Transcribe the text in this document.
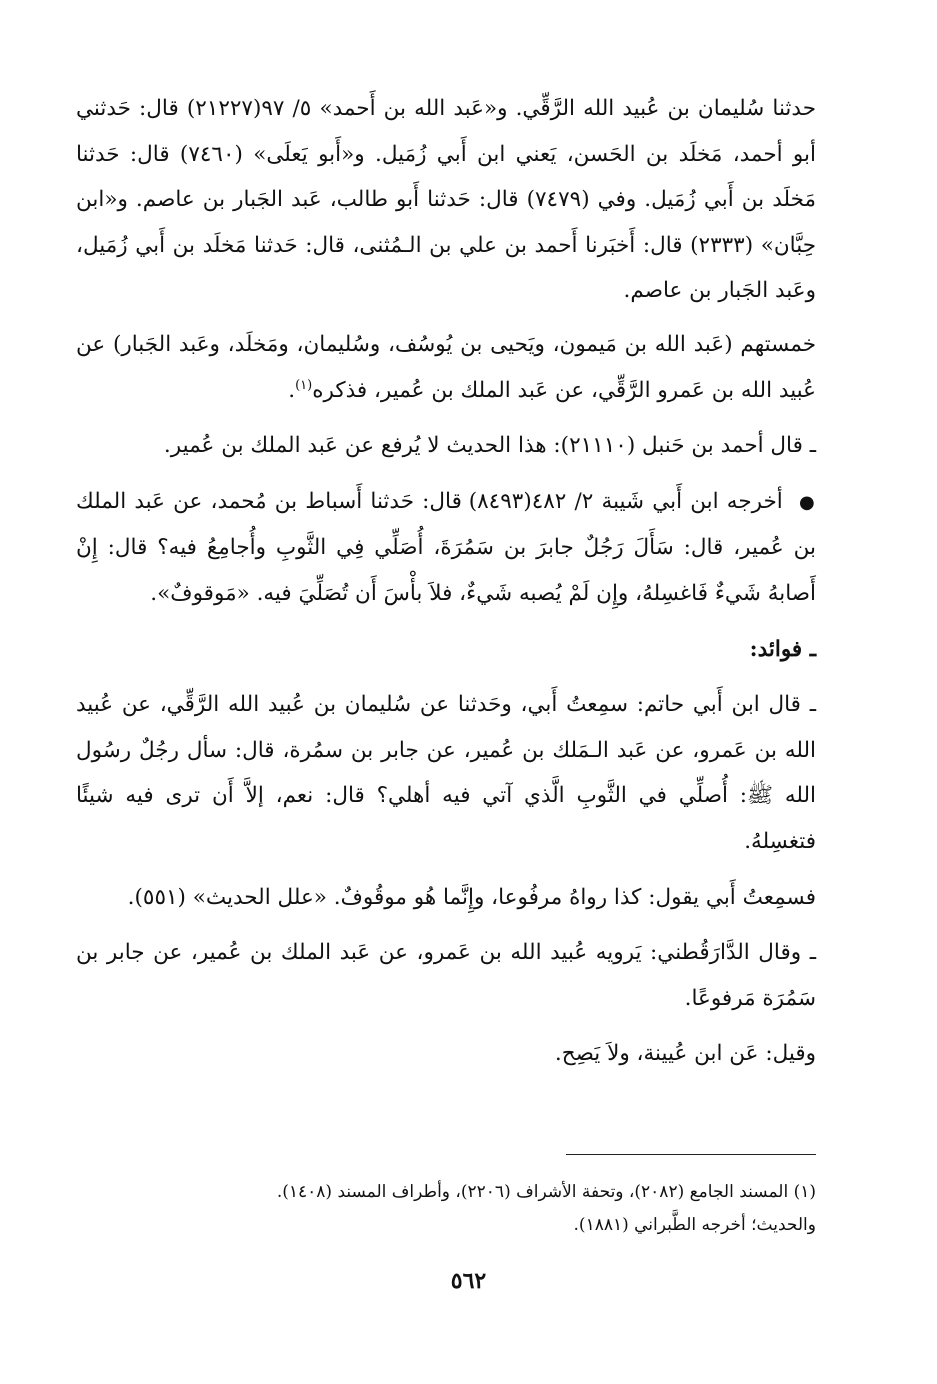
حدثنا سُليمان بن عُبيد الله الرَّقِّي. و«عَبد الله بن أَحمد» ٥/ ٩٧(٢١٢٢٧) قال: حَدثني أبو أحمد، مَخلَد بن الحَسن، يَعني ابن أَبي زُمَيل. و«أَبو يَعلَى» (٧٤٦٠) قال: حَدثنا مَخلَد بن أَبي زُمَيل. وفي (٧٤٧٩) قال: حَدثنا أَبو طالب، عَبد الجَبار بن عاصم. و«ابن حِبَّان» (٢٣٣٣) قال: أَخبَرنا أَحمد بن علي بن الـمُثنى، قال: حَدثنا مَخلَد بن أَبي زُمَيل، وعَبد الجَبار بن عاصم.

خمستهم (عَبد الله بن مَيمون، ويَحيى بن يُوسُف، وسُليمان، ومَخلَد، وعَبد الجَبار) عن عُبيد الله بن عَمرو الرَّقِّي، عن عَبد الملك بن عُمير، فذكره$^{(١)}$.

ـ قال أحمد بن حَنبل (٢١١١٠): هذا الحديث لا يُرفع عن عَبد الملك بن عُمير.

● أخرجه ابن أَبي شَيبة ٢/ ٤٨٢(٨٤٩٣) قال: حَدثنا أَسباط بن مُحمد، عن عَبد الملك بن عُمير، قال: سَأَلَ رَجُلٌ جابرَ بن سَمُرَةَ، أُصَلِّي فِي الثَّوبِ وأُجامِعُ فيه؟ قال: إِنْ أَصابهُ شَيءٌ فَاغسِلهُ، وإِن لَمْ يُصبه شَيءٌ، فلاَ بأْسَ أَن تُصَلِّيَ فيه. «مَوقوفٌ».

ـ فوائد:

ـ قال ابن أَبي حاتم: سمِعتُ أَبي، وحَدثنا عن سُليمان بن عُبيد الله الرَّقِّي، عن عُبيد الله بن عَمرو، عن عَبد الـمَلك بن عُمير، عن جابر بن سمُرة، قال: سأل رجُلٌ رسُول الله ﷺ: أُصلِّي في الثَّوبِ الَّذي آتي فيه أهلي؟ قال: نعم، إلاَّ أَن ترى فيه شيئًا فتغسِلهُ.

فسمِعتُ أَبي يقول: كذا رواهُ مرفُوعا، وإِنَّما هُو موقُوفٌ. «علل الحديث» (٥٥١).

ـ وقال الدَّارَقُطني: يَرويه عُبيد الله بن عَمرو، عن عَبد الملك بن عُمير، عن جابر بن سَمُرَة مَرفوعًا.

وقيل: عَن ابن عُيينة، ولاَ يَصِح.

(١) المسند الجامع (٢٠٨٢)، وتحفة الأشراف (٢٢٠٦)، وأطراف المسند (١٤٠٨).
والحديث؛ أخرجه الطَّبراني (١٨٨١).
٥٦٢
